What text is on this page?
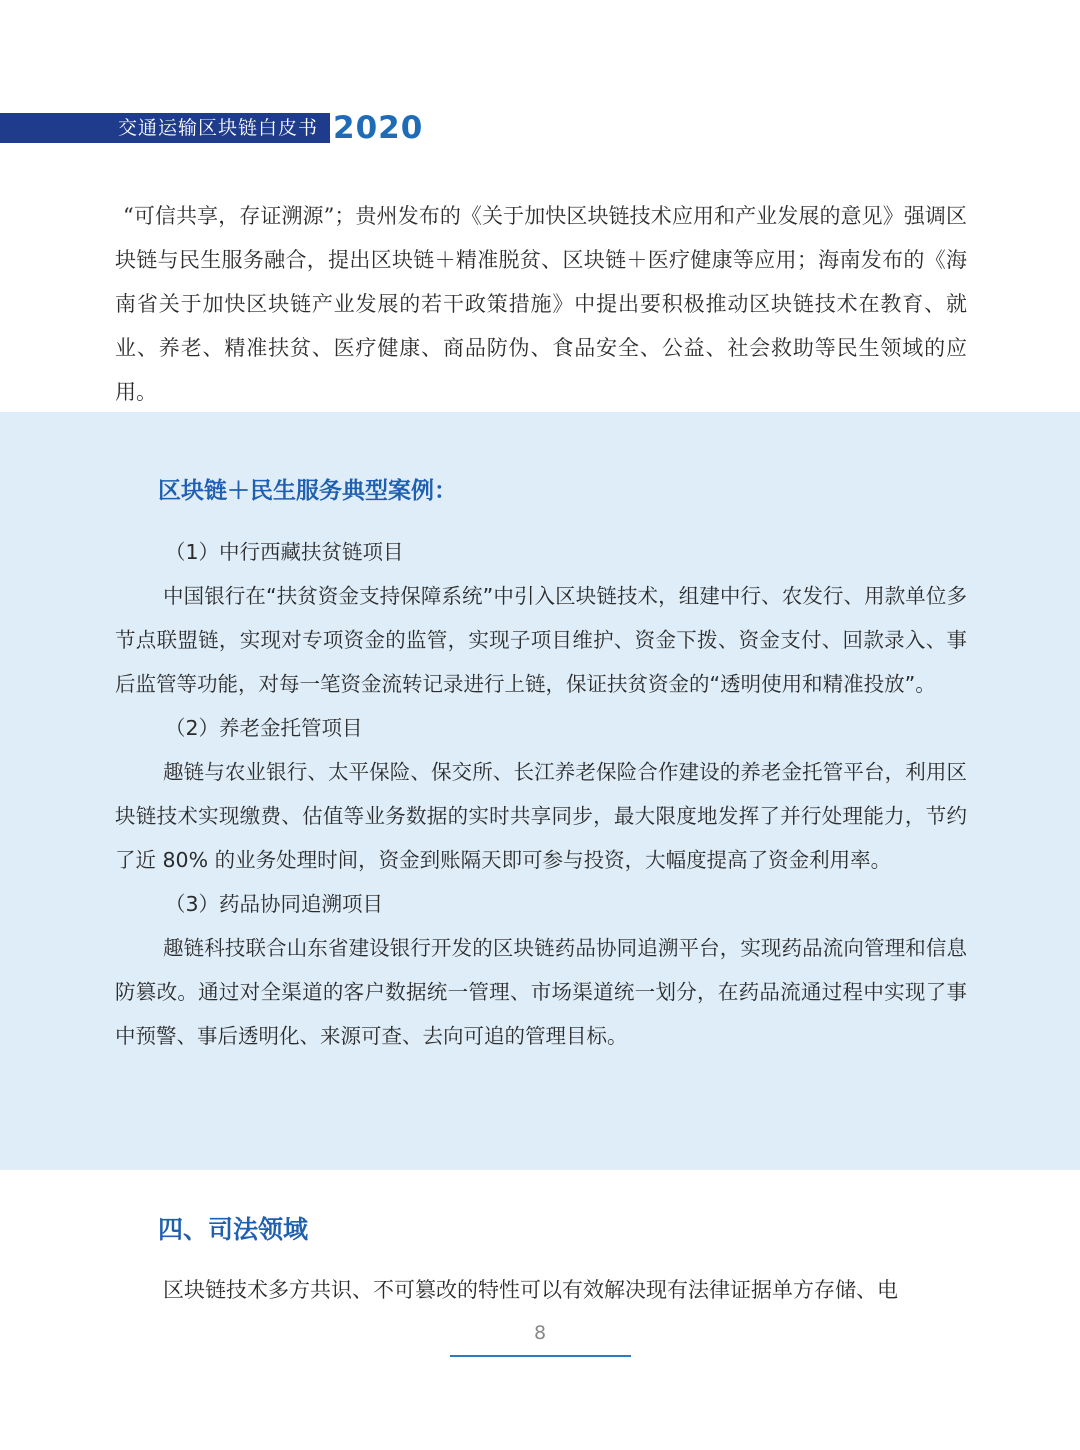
交通运输区块链白皮书 2020

“可信共享，存证溯源”；贵州发布的《关于加快区块链技术应用和产业发展的意见》强调区块链与民生服务融合，提出区块链＋精准脱贫、区块链＋医疗健康等应用；海南发布的《海南省关于加快区块链产业发展的若干政策措施》中提出要积极推动区块链技术在教育、就业、养老、精准扶贫、医疗健康、商品防伪、食品安全、公益、社会救助等民生领域的应用。

区块链＋民生服务典型案例：

（1）中行西藏扶贫链项目

中国银行在“扶贫资金支持保障系统”中引入区块链技术，组建中行、农发行、用款单位多节点联盟链，实现对专项资金的监管，实现子项目维护、资金下拨、资金支付、回款录入、事后监管等功能，对每一笔资金流转记录进行上链，保证扶贫资金的“透明使用和精准投放”。

（2）养老金托管项目

趣链与农业银行、太平保险、保交所、长江养老保险合作建设的养老金托管平台，利用区块链技术实现缴费、估值等业务数据的实时共享同步，最大限度地发挥了并行处理能力，节约了近 80% 的业务处理时间，资金到账隔天即可参与投资，大幅度提高了资金利用率。

（3）药品协同追溯项目

趣链科技联合山东省建设银行开发的区块链药品协同追溯平台，实现药品流向管理和信息防篡改。通过对全渠道的客户数据统一管理、市场渠道统一划分，在药品流通过程中实现了事中预警、事后透明化、来源可查、去向可追的管理目标。

四、司法领域

区块链技术多方共识、不可篡改的特性可以有效解决现有法律证据单方存储、电

8
